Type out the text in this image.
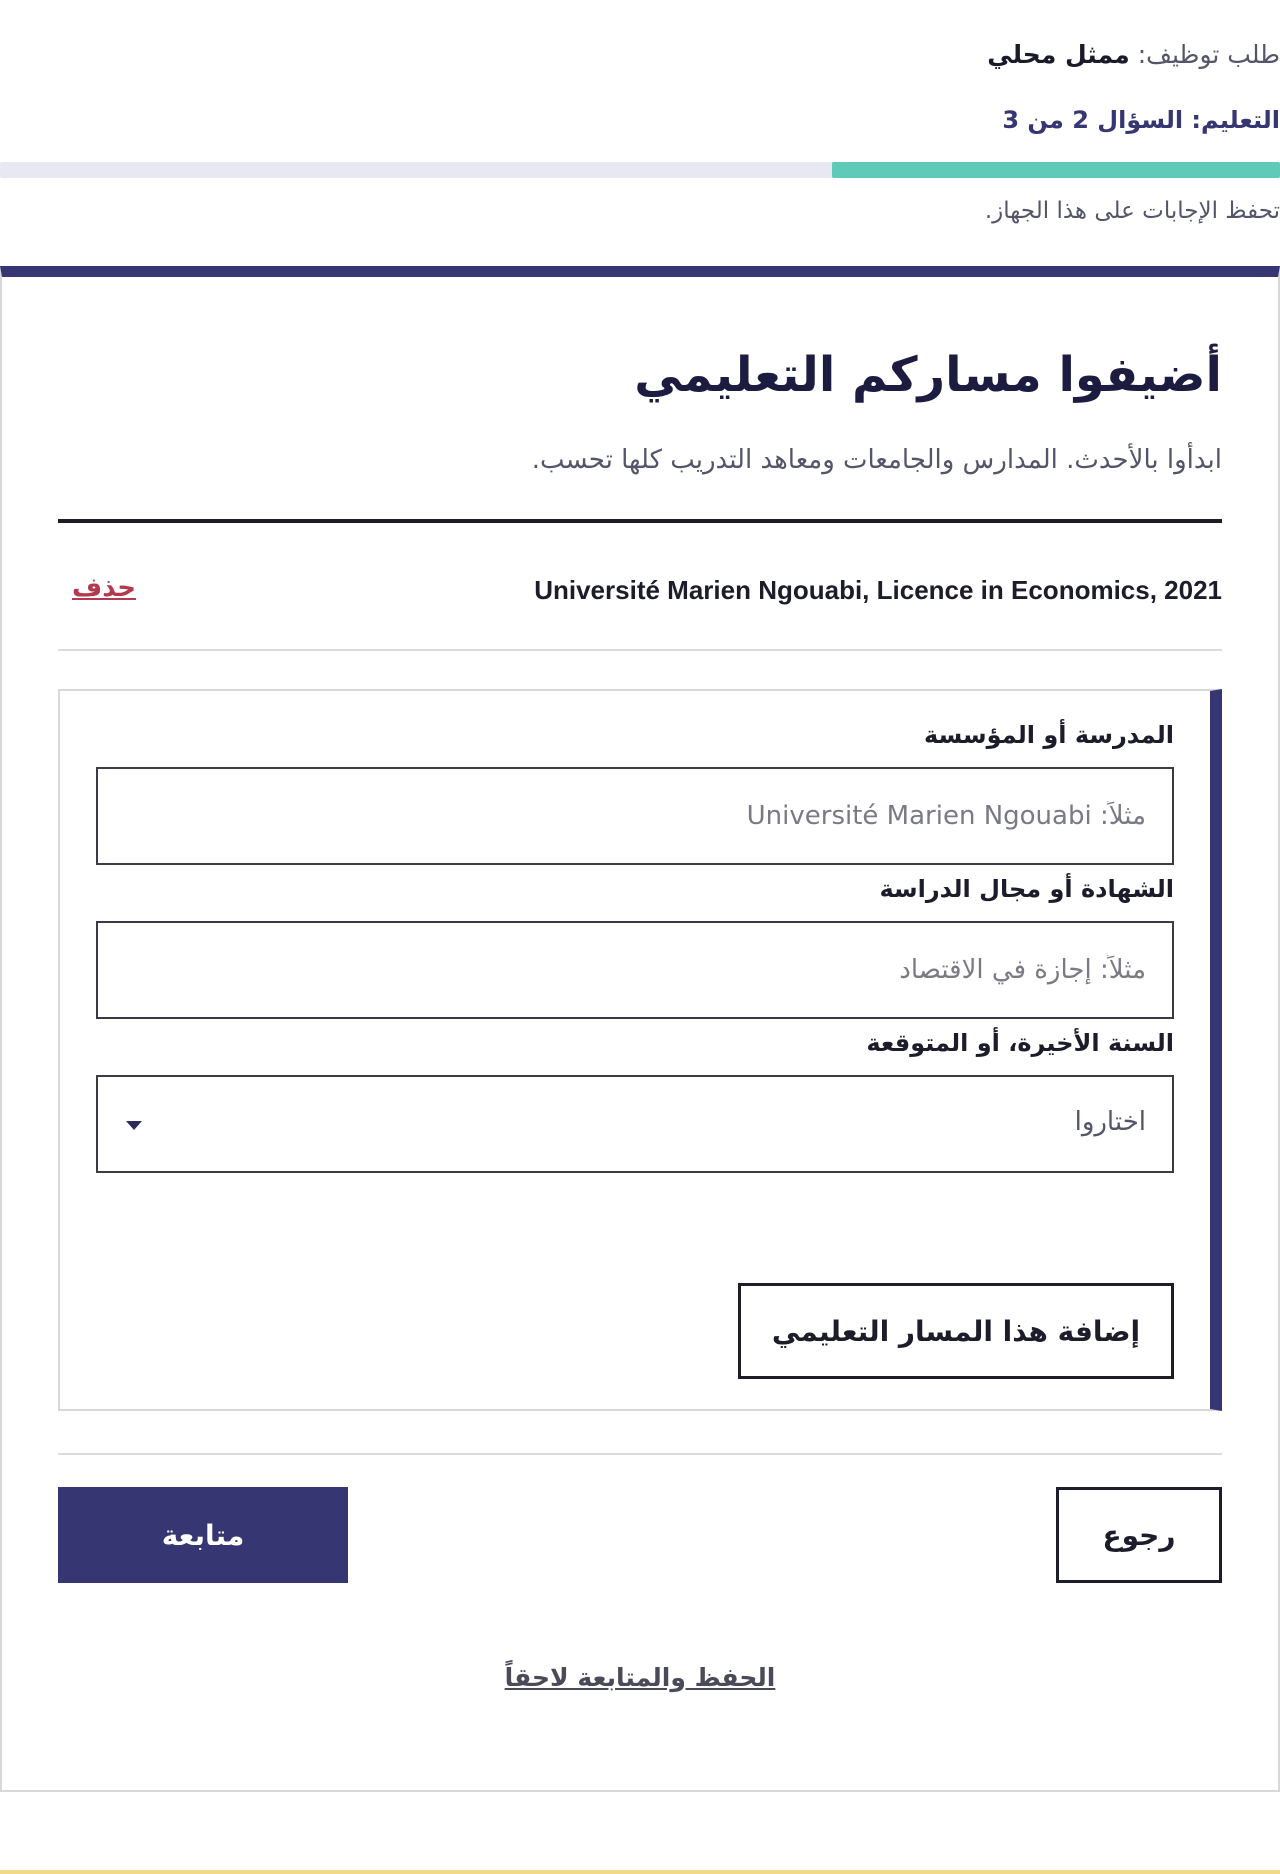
طلب توظيف: ممثل محلي
التعليم: السؤال 2 من 3
تحفظ الإجابات على هذا الجهاز.
أضيفوا مساركم التعليمي

ابدأوا بالأحدث. المدارس والجامعات ومعاهد التدريب كلها تحسب.

Université Marien Ngouabi, Licence in Economics, 2021
حذف
المدرسة أو المؤسسة
مثلاً: Université Marien Ngouabi
الشهادة أو مجال الدراسة
مثلاً: إجازة في الاقتصاد
السنة الأخيرة، أو المتوقعة
اختاروا
إضافة هذا المسار التعليمي
رجوع
متابعة
الحفظ والمتابعة لاحقاً
